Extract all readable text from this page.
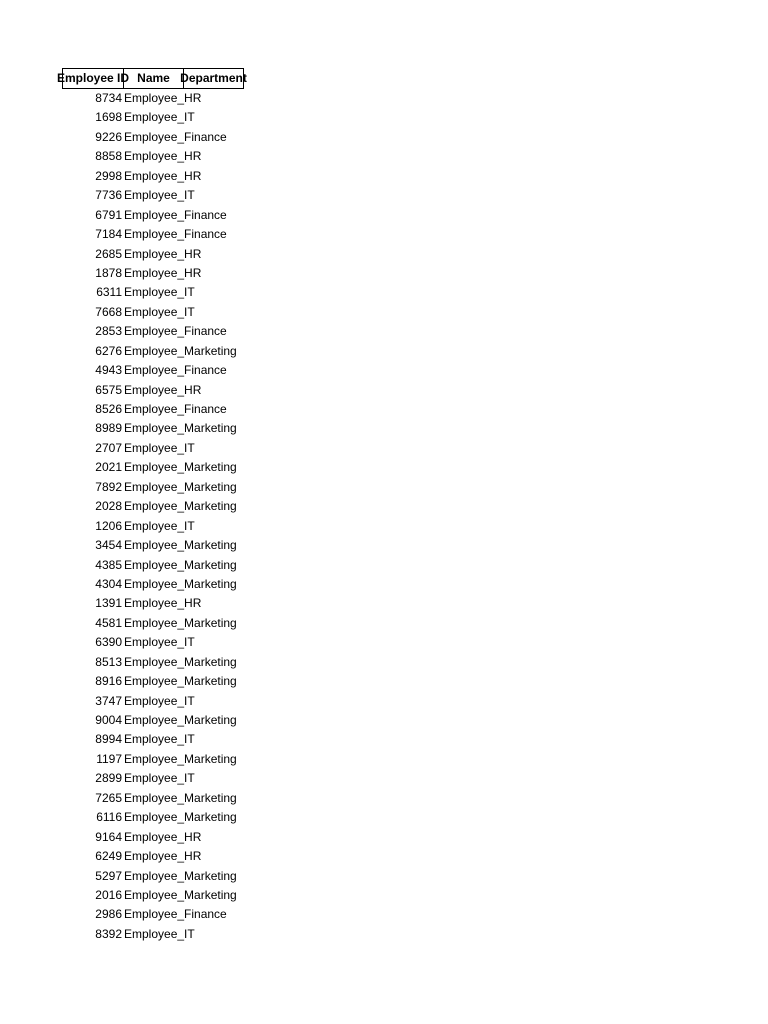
Employee ID Name Department
8734 Employee_HR
1698 Employee_IT
9226 Employee_Finance
8858 Employee_HR
2998 Employee_HR
7736 Employee_IT
6791 Employee_Finance
7184 Employee_Finance
2685 Employee_HR
1878 Employee_HR
6311 Employee_IT
7668 Employee_IT
2853 Employee_Finance
6276 Employee_Marketing
4943 Employee_Finance
6575 Employee_HR
8526 Employee_Finance
8989 Employee_Marketing
2707 Employee_IT
2021 Employee_Marketing
7892 Employee_Marketing
2028 Employee_Marketing
1206 Employee_IT
3454 Employee_Marketing
4385 Employee_Marketing
4304 Employee_Marketing
1391 Employee_HR
4581 Employee_Marketing
6390 Employee_IT
8513 Employee_Marketing
8916 Employee_Marketing
3747 Employee_IT
9004 Employee_Marketing
8994 Employee_IT
1197 Employee_Marketing
2899 Employee_IT
7265 Employee_Marketing
6116 Employee_Marketing
9164 Employee_HR
6249 Employee_HR
5297 Employee_Marketing
2016 Employee_Marketing
2986 Employee_Finance
8392 Employee_IT
